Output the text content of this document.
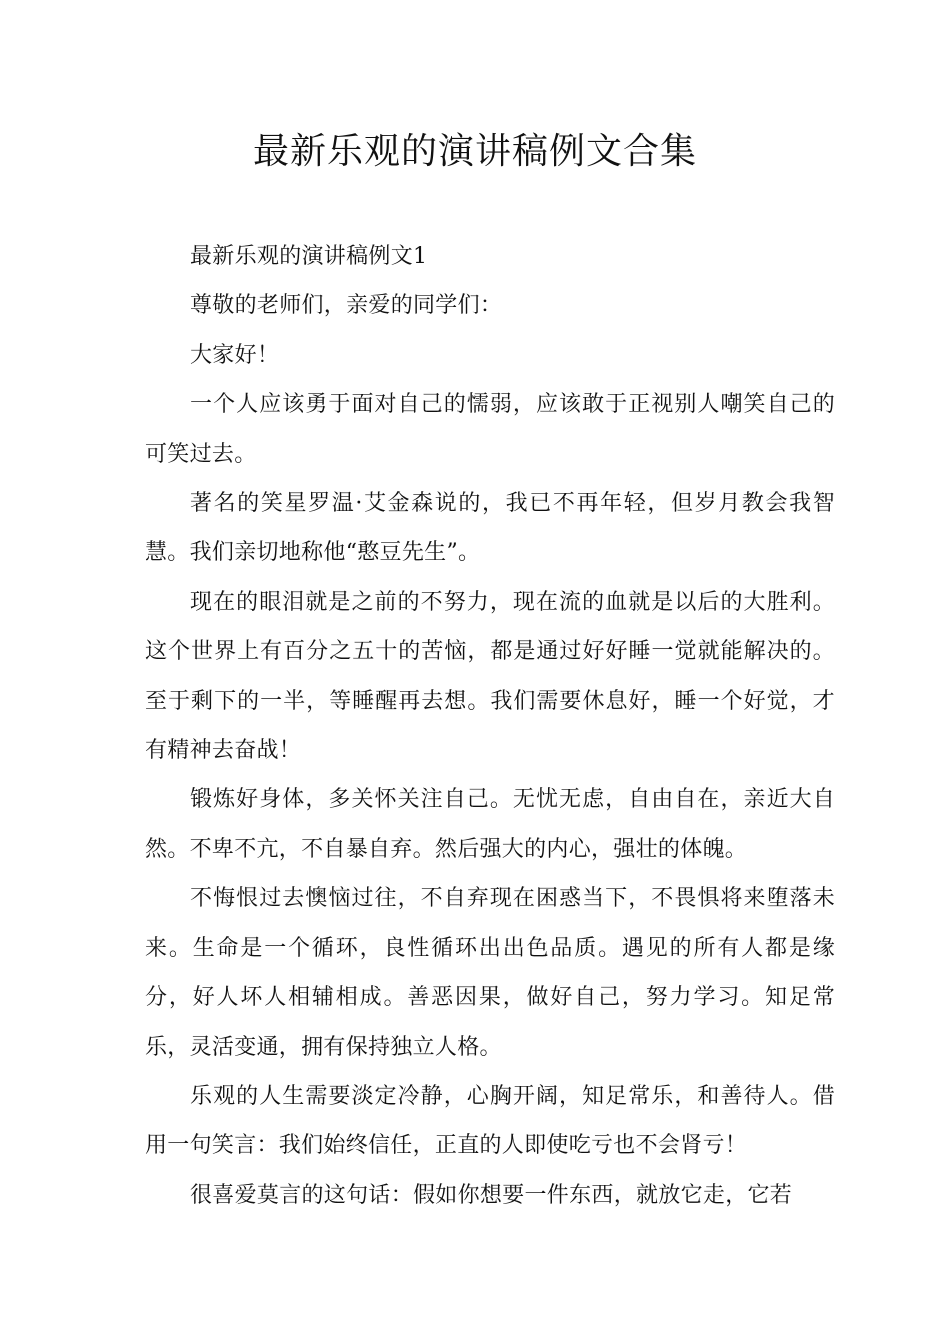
最新乐观的演讲稿例文合集

最新乐观的演讲稿例文1

尊敬的老师们，亲爱的同学们：

大家好！

一个人应该勇于面对自己的懦弱，应该敢于正视别人嘲笑自己的可笑过去。

著名的笑星罗温·艾金森说的，我已不再年轻，但岁月教会我智慧。我们亲切地称他“憨豆先生”。

现在的眼泪就是之前的不努力，现在流的血就是以后的大胜利。这个世界上有百分之五十的苦恼，都是通过好好睡一觉就能解决的。至于剩下的一半，等睡醒再去想。我们需要休息好，睡一个好觉，才有精神去奋战！

锻炼好身体，多关怀关注自己。无忧无虑，自由自在，亲近大自然。不卑不亢，不自暴自弃。然后强大的内心，强壮的体魄。

不悔恨过去懊恼过往，不自弃现在困惑当下，不畏惧将来堕落未来。生命是一个循环，良性循环出出色品质。遇见的所有人都是缘分，好人坏人相辅相成。善恶因果，做好自己，努力学习。知足常乐，灵活变通，拥有保持独立人格。

乐观的人生需要淡定冷静，心胸开阔，知足常乐，和善待人。借用一句笑言：我们始终信任，正直的人即使吃亏也不会肾亏！

很喜爱莫言的这句话：假如你想要一件东西，就放它走，它若
